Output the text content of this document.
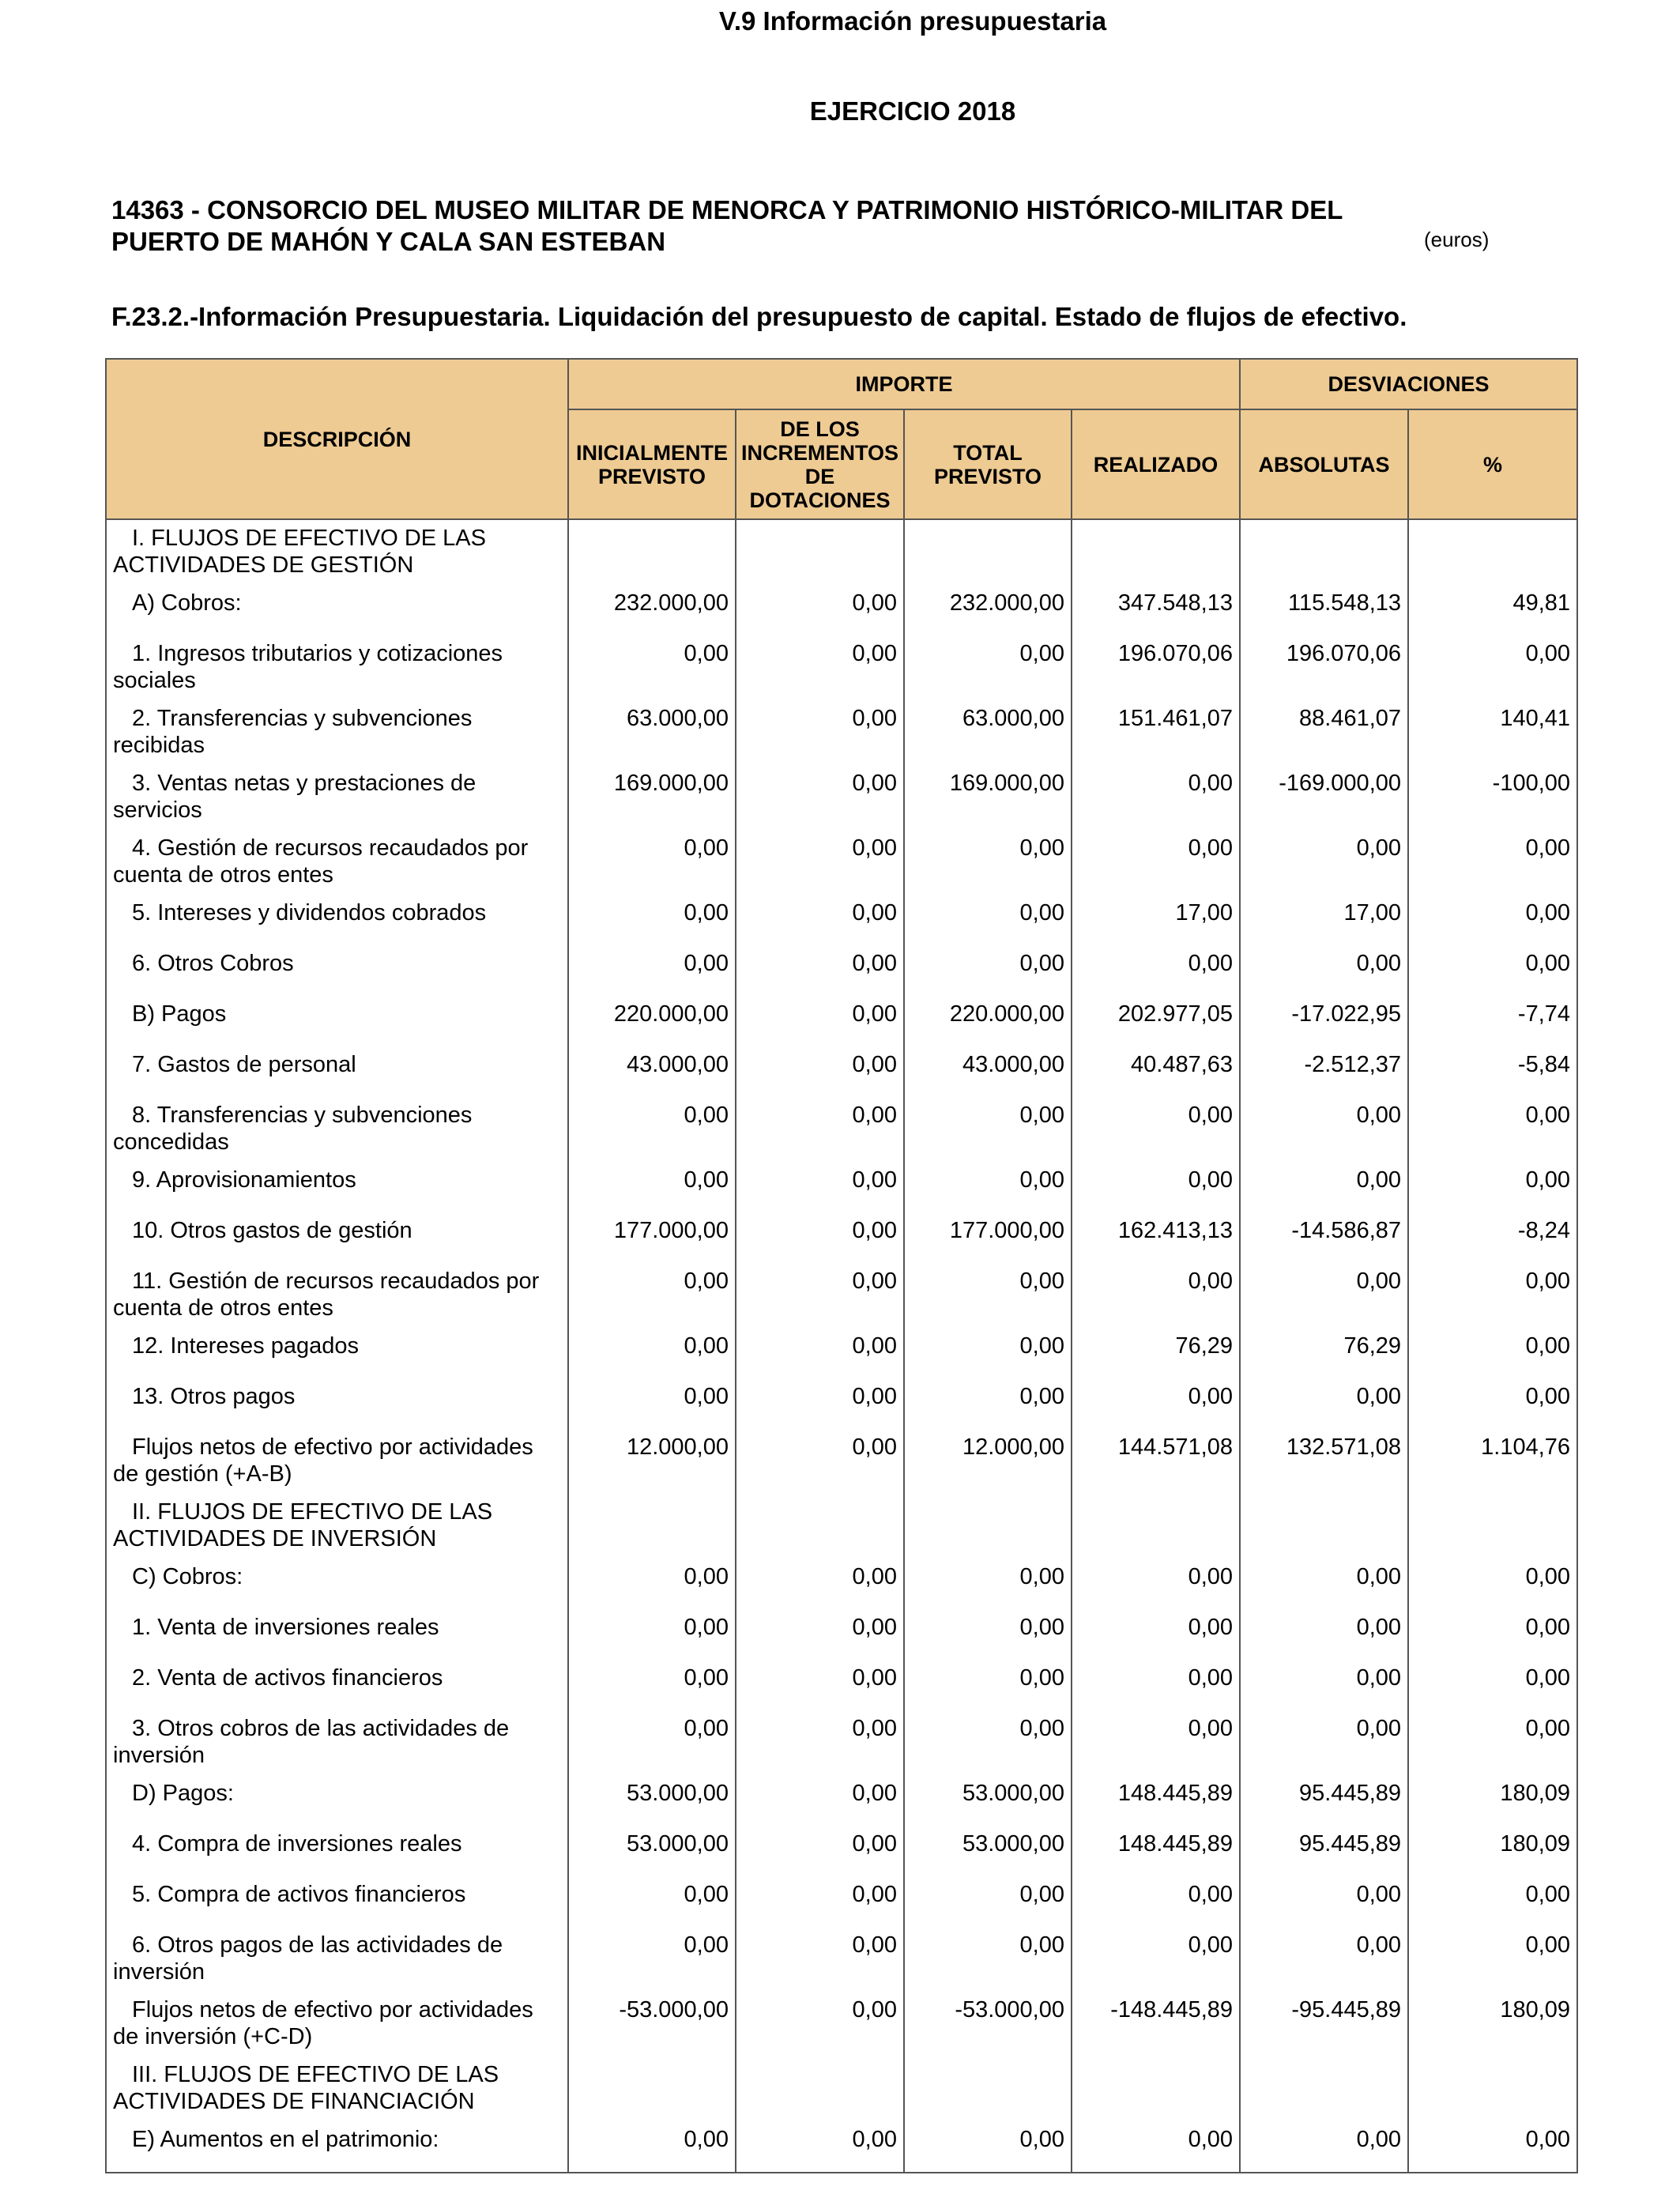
V.9 Información presupuestaria
EJERCICIO 2018
14363 - CONSORCIO DEL MUSEO MILITAR DE MENORCA Y PATRIMONIO HISTÓRICO-MILITAR DEL PUERTO DE MAHÓN Y CALA SAN ESTEBAN	(euros)
F.23.2.-Información Presupuestaria. Liquidación del presupuesto de capital. Estado de flujos de efectivo.
DESCRIPCIÓN	IMPORTE				DESVIACIONES	
	INICIALMENTE PREVISTO	DE LOS INCREMENTOS DE DOTACIONES	TOTAL PREVISTO	REALIZADO	ABSOLUTAS	%

I. FLUJOS DE EFECTIVO DE LAS ACTIVIDADES DE GESTIÓN						

A) Cobros:	232.000,00	0,00	232.000,00	347.548,13	115.548,13	49,81

1. Ingresos tributarios y cotizaciones sociales	0,00	0,00	0,00	196.070,06	196.070,06	0,00

2. Transferencias y subvenciones recibidas	63.000,00	0,00	63.000,00	151.461,07	88.461,07	140,41

3. Ventas netas y prestaciones de servicios	169.000,00	0,00	169.000,00	0,00	-169.000,00	-100,00

4. Gestión de recursos recaudados por cuenta de otros entes	0,00	0,00	0,00	0,00	0,00	0,00

5. Intereses y dividendos cobrados	0,00	0,00	0,00	17,00	17,00	0,00

6. Otros Cobros	0,00	0,00	0,00	0,00	0,00	0,00

B) Pagos	220.000,00	0,00	220.000,00	202.977,05	-17.022,95	-7,74

7. Gastos de personal	43.000,00	0,00	43.000,00	40.487,63	-2.512,37	-5,84

8. Transferencias y subvenciones concedidas	0,00	0,00	0,00	0,00	0,00	0,00

9. Aprovisionamientos	0,00	0,00	0,00	0,00	0,00	0,00

10. Otros gastos de gestión	177.000,00	0,00	177.000,00	162.413,13	-14.586,87	-8,24

11. Gestión de recursos recaudados por cuenta de otros entes	0,00	0,00	0,00	0,00	0,00	0,00

12. Intereses pagados	0,00	0,00	0,00	76,29	76,29	0,00

13. Otros pagos	0,00	0,00	0,00	0,00	0,00	0,00

Flujos netos de efectivo por actividades de gestión (+A-B)	12.000,00	0,00	12.000,00	144.571,08	132.571,08	1.104,76

II. FLUJOS DE EFECTIVO DE LAS ACTIVIDADES DE INVERSIÓN						

C) Cobros:	0,00	0,00	0,00	0,00	0,00	0,00

1. Venta de inversiones reales	0,00	0,00	0,00	0,00	0,00	0,00

2. Venta de activos financieros	0,00	0,00	0,00	0,00	0,00	0,00

3. Otros cobros de las actividades de inversión	0,00	0,00	0,00	0,00	0,00	0,00

D) Pagos:	53.000,00	0,00	53.000,00	148.445,89	95.445,89	180,09

4. Compra de inversiones reales	53.000,00	0,00	53.000,00	148.445,89	95.445,89	180,09

5. Compra de activos financieros	0,00	0,00	0,00	0,00	0,00	0,00

6. Otros pagos de las actividades de inversión	0,00	0,00	0,00	0,00	0,00	0,00

Flujos netos de efectivo por actividades de inversión (+C-D)	-53.000,00	0,00	-53.000,00	-148.445,89	-95.445,89	180,09

III. FLUJOS DE EFECTIVO DE LAS ACTIVIDADES DE FINANCIACIÓN						

E) Aumentos en el patrimonio:	0,00	0,00	0,00	0,00	0,00	0,00
